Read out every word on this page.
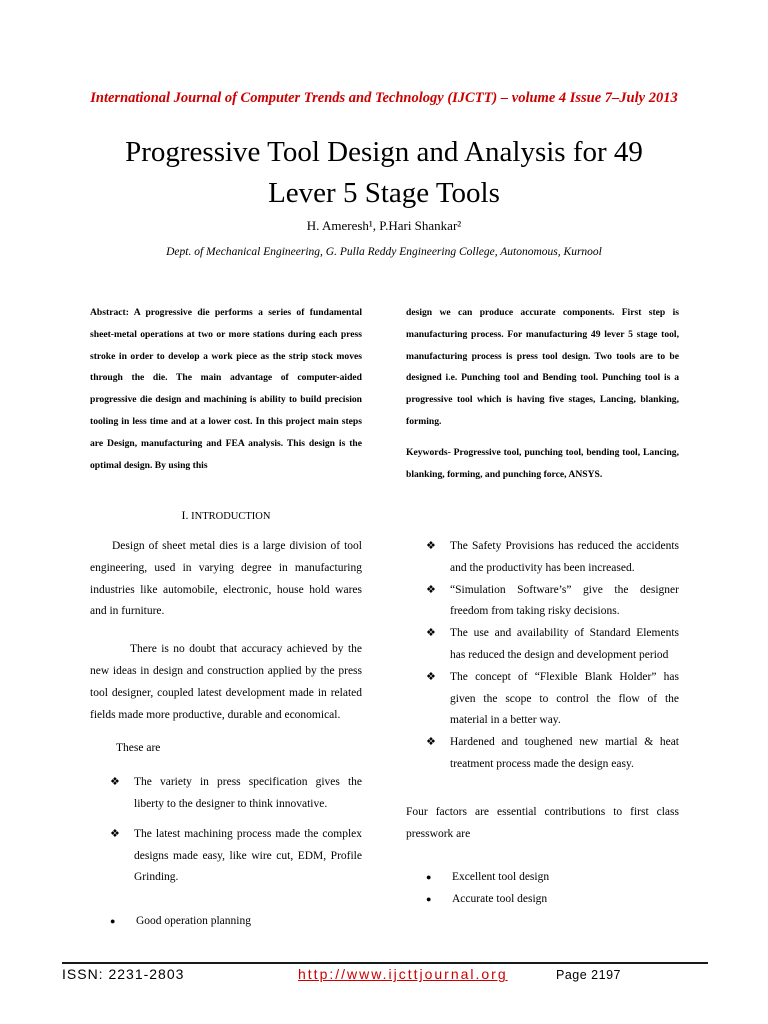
International Journal of Computer Trends and Technology (IJCTT) – volume 4 Issue 7–July 2013
Progressive Tool Design and Analysis for 49
Lever 5 Stage Tools
H. Ameresh¹, P.Hari Shankar²
Dept. of Mechanical Engineering, G. Pulla Reddy Engineering College, Autonomous, Kurnool

Abstract: A progressive die performs a series of fundamental sheet-metal operations at two or more stations during each press stroke in order to develop a work piece as the strip stock moves through the die. The main advantage of computer-aided progressive die design and machining is ability to build precision tooling in less time and at a lower cost. In this project main steps are Design, manufacturing and FEA analysis. This design is the optimal design. By using this

design we can produce accurate components. First step is manufacturing process. For manufacturing 49 lever 5 stage tool, manufacturing process is press tool design. Two tools are to be designed i.e. Punching tool and Bending tool. Punching tool is a progressive tool which is having five stages, Lancing, blanking, forming.

Keywords- Progressive tool, punching tool, bending tool, Lancing, blanking, forming, and punching force, ANSYS.

I. INTRODUCTION

Design of sheet metal dies is a large division of tool engineering, used in varying degree in manufacturing industries like automobile, electronic, house hold wares and in furniture.

There is no doubt that accuracy achieved by the new ideas in design and construction applied by the press tool designer, coupled latest development made in related fields made more productive, durable and economical.

These are

❖ The variety in press specification gives the liberty to the designer to think innovative.
❖ The latest machining process made the complex designs made easy, like wire cut, EDM, Profile Grinding.
● Good operation planning
❖ The Safety Provisions has reduced the accidents and the productivity has been increased.
❖ “Simulation Software’s” give the designer freedom from taking risky decisions.
❖ The use and availability of Standard Elements has reduced the design and development period
❖ The concept of “Flexible Blank Holder” has given the scope to control the flow of the material in a better way.
❖ Hardened and toughened new martial & heat treatment process made the design easy.

Four factors are essential contributions to first class presswork are

● Excellent tool design
● Accurate tool design
ISSN: 2231-2803	http://www.ijcttjournal.org	Page 2197
